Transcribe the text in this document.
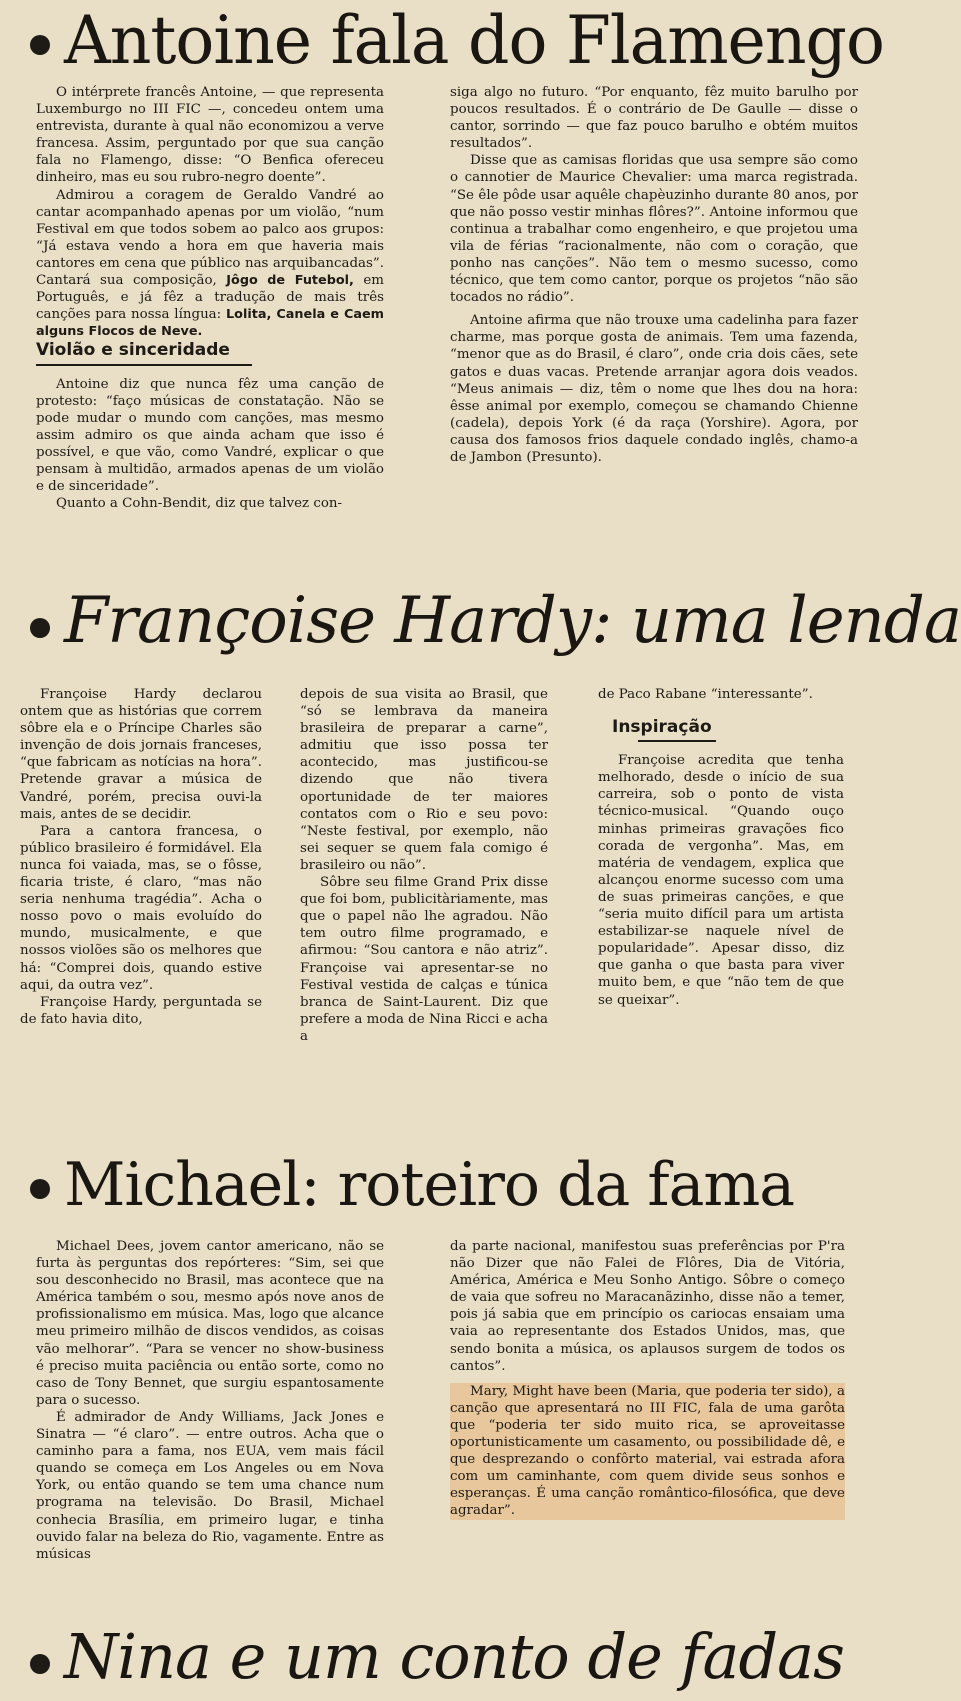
Antoine fala do Flamengo

O intérprete francês Antoine, — que representa Luxemburgo no III FIC —, concedeu ontem uma entrevista, durante à qual não economizou a verve francesa. Assim, perguntado por que sua canção fala no Flamengo, disse: “O Benfica ofereceu dinheiro, mas eu sou rubro-negro doente”.

Admirou a coragem de Geraldo Vandré ao cantar acompanhado apenas por um violão, “num Festival em que todos sobem ao palco aos grupos: “Já estava vendo a hora em que haveria mais cantores em cena que público nas arquibancadas”. Cantará sua composição, Jôgo de Futebol, em Português, e já fêz a tradução de mais três canções para nossa língua: Lolita, Canela e Caem alguns Flocos de Neve.

Violão e sinceridade

Antoine diz que nunca fêz uma canção de protesto: “faço músicas de constatação. Não se pode mudar o mundo com canções, mas mesmo assim admiro os que ainda acham que isso é possível, e que vão, como Vandré, explicar o que pensam à multidão, armados apenas de um violão e de sinceridade”.

Quanto a Cohn-Bendit, diz que talvez con-

siga algo no futuro. “Por enquanto, fêz muito barulho por poucos resultados. É o contrário de De Gaulle — disse o cantor, sorrindo — que faz pouco barulho e obtém muitos resultados”.

Disse que as camisas floridas que usa sempre são como o cannotier de Maurice Chevalier: uma marca registrada. “Se êle pôde usar aquêle chapèuzinho durante 80 anos, por que não posso vestir minhas flôres?”. Antoine informou que continua a trabalhar como engenheiro, e que projetou uma vila de férias “racionalmente, não com o coração, que ponho nas canções”. Não tem o mesmo sucesso, como técnico, que tem como cantor, porque os projetos “não são tocados no rádio”.

Antoine afirma que não trouxe uma cadelinha para fazer charme, mas porque gosta de animais. Tem uma fazenda, “menor que as do Brasil, é claro”, onde cria dois cães, sete gatos e duas vacas. Pretende arranjar agora dois veados. “Meus animais — diz, têm o nome que lhes dou na hora: êsse animal por exemplo, começou se chamando Chienne (cadela), depois York (é da raça (Yorshire). Agora, por causa dos famosos frios daquele condado inglês, chamo-a de Jambon (Presunto).

Françoise Hardy: uma lenda

Françoise Hardy declarou ontem que as histórias que correm sôbre ela e o Príncipe Charles são invenção de dois jornais franceses, “que fabricam as notícias na hora”. Pretende gravar a música de Vandré, porém, precisa ouvi-la mais, antes de se decidir.

Para a cantora francesa, o público brasileiro é formidável. Ela nunca foi vaiada, mas, se o fôsse, ficaria triste, é claro, “mas não seria nenhuma tragédia”. Acha o nosso povo o mais evoluído do mundo, musicalmente, e que nossos violões são os melhores que há: “Comprei dois, quando estive aqui, da outra vez”.

Françoise Hardy, perguntada se de fato havia dito,

depois de sua visita ao Brasil, que “só se lembrava da maneira brasileira de preparar a carne”, admitiu que isso possa ter acontecido, mas justificou-se dizendo que não tivera oportunidade de ter maiores contatos com o Rio e seu povo: “Neste festival, por exemplo, não sei sequer se quem fala comigo é brasileiro ou não”.

Sôbre seu filme Grand Prix disse que foi bom, publicitàriamente, mas que o papel não lhe agradou. Não tem outro filme programado, e afirmou: “Sou cantora e não atriz”. Françoise vai apresentar-se no Festival vestida de calças e túnica branca de Saint-Laurent. Diz que prefere a moda de Nina Ricci e acha a

de Paco Rabane “interessante”.

Inspiração

Françoise acredita que tenha melhorado, desde o início de sua carreira, sob o ponto de vista técnico-musical. “Quando ouço minhas primeiras gravações fico corada de vergonha”. Mas, em matéria de vendagem, explica que alcançou enorme sucesso com uma de suas primeiras canções, e que “seria muito difícil para um artista estabilizar-se naquele nível de popularidade”. Apesar disso, diz que ganha o que basta para viver muito bem, e que “não tem de que se queixar”.

Michael: roteiro da fama

Michael Dees, jovem cantor americano, não se furta às perguntas dos repórteres: “Sim, sei que sou desconhecido no Brasil, mas acontece que na América também o sou, mesmo após nove anos de profissionalismo em música. Mas, logo que alcance meu primeiro milhão de discos vendidos, as coisas vão melhorar”. “Para se vencer no show-business é preciso muita paciência ou então sorte, como no caso de Tony Bennet, que surgiu espantosamente para o sucesso.

É admirador de Andy Williams, Jack Jones e Sinatra — “é claro”. — entre outros. Acha que o caminho para a fama, nos EUA, vem mais fácil quando se começa em Los Angeles ou em Nova York, ou então quando se tem uma chance num programa na televisão. Do Brasil, Michael conhecia Brasília, em primeiro lugar, e tinha ouvido falar na beleza do Rio, vagamente. Entre as músicas

da parte nacional, manifestou suas preferências por P'ra não Dizer que não Falei de Flôres, Dia de Vitória, América, América e Meu Sonho Antigo. Sôbre o começo de vaia que sofreu no Maracanãzinho, disse não a temer, pois já sabia que em princípio os cariocas ensaiam uma vaia ao representante dos Estados Unidos, mas, que sendo bonita a música, os aplausos surgem de todos os cantos”.

Mary, Might have been (Maria, que poderia ter sido), a canção que apresentará no III FIC, fala de uma garôta que “poderia ter sido muito rica, se aproveitasse oportunisticamente um casamento, ou possibilidade dê, e que desprezando o confôrto material, vai estrada afora com um caminhante, com quem divide seus sonhos e esperanças. É uma canção romântico-filosófica, que deve agradar”.

Nina e um conto de fadas
